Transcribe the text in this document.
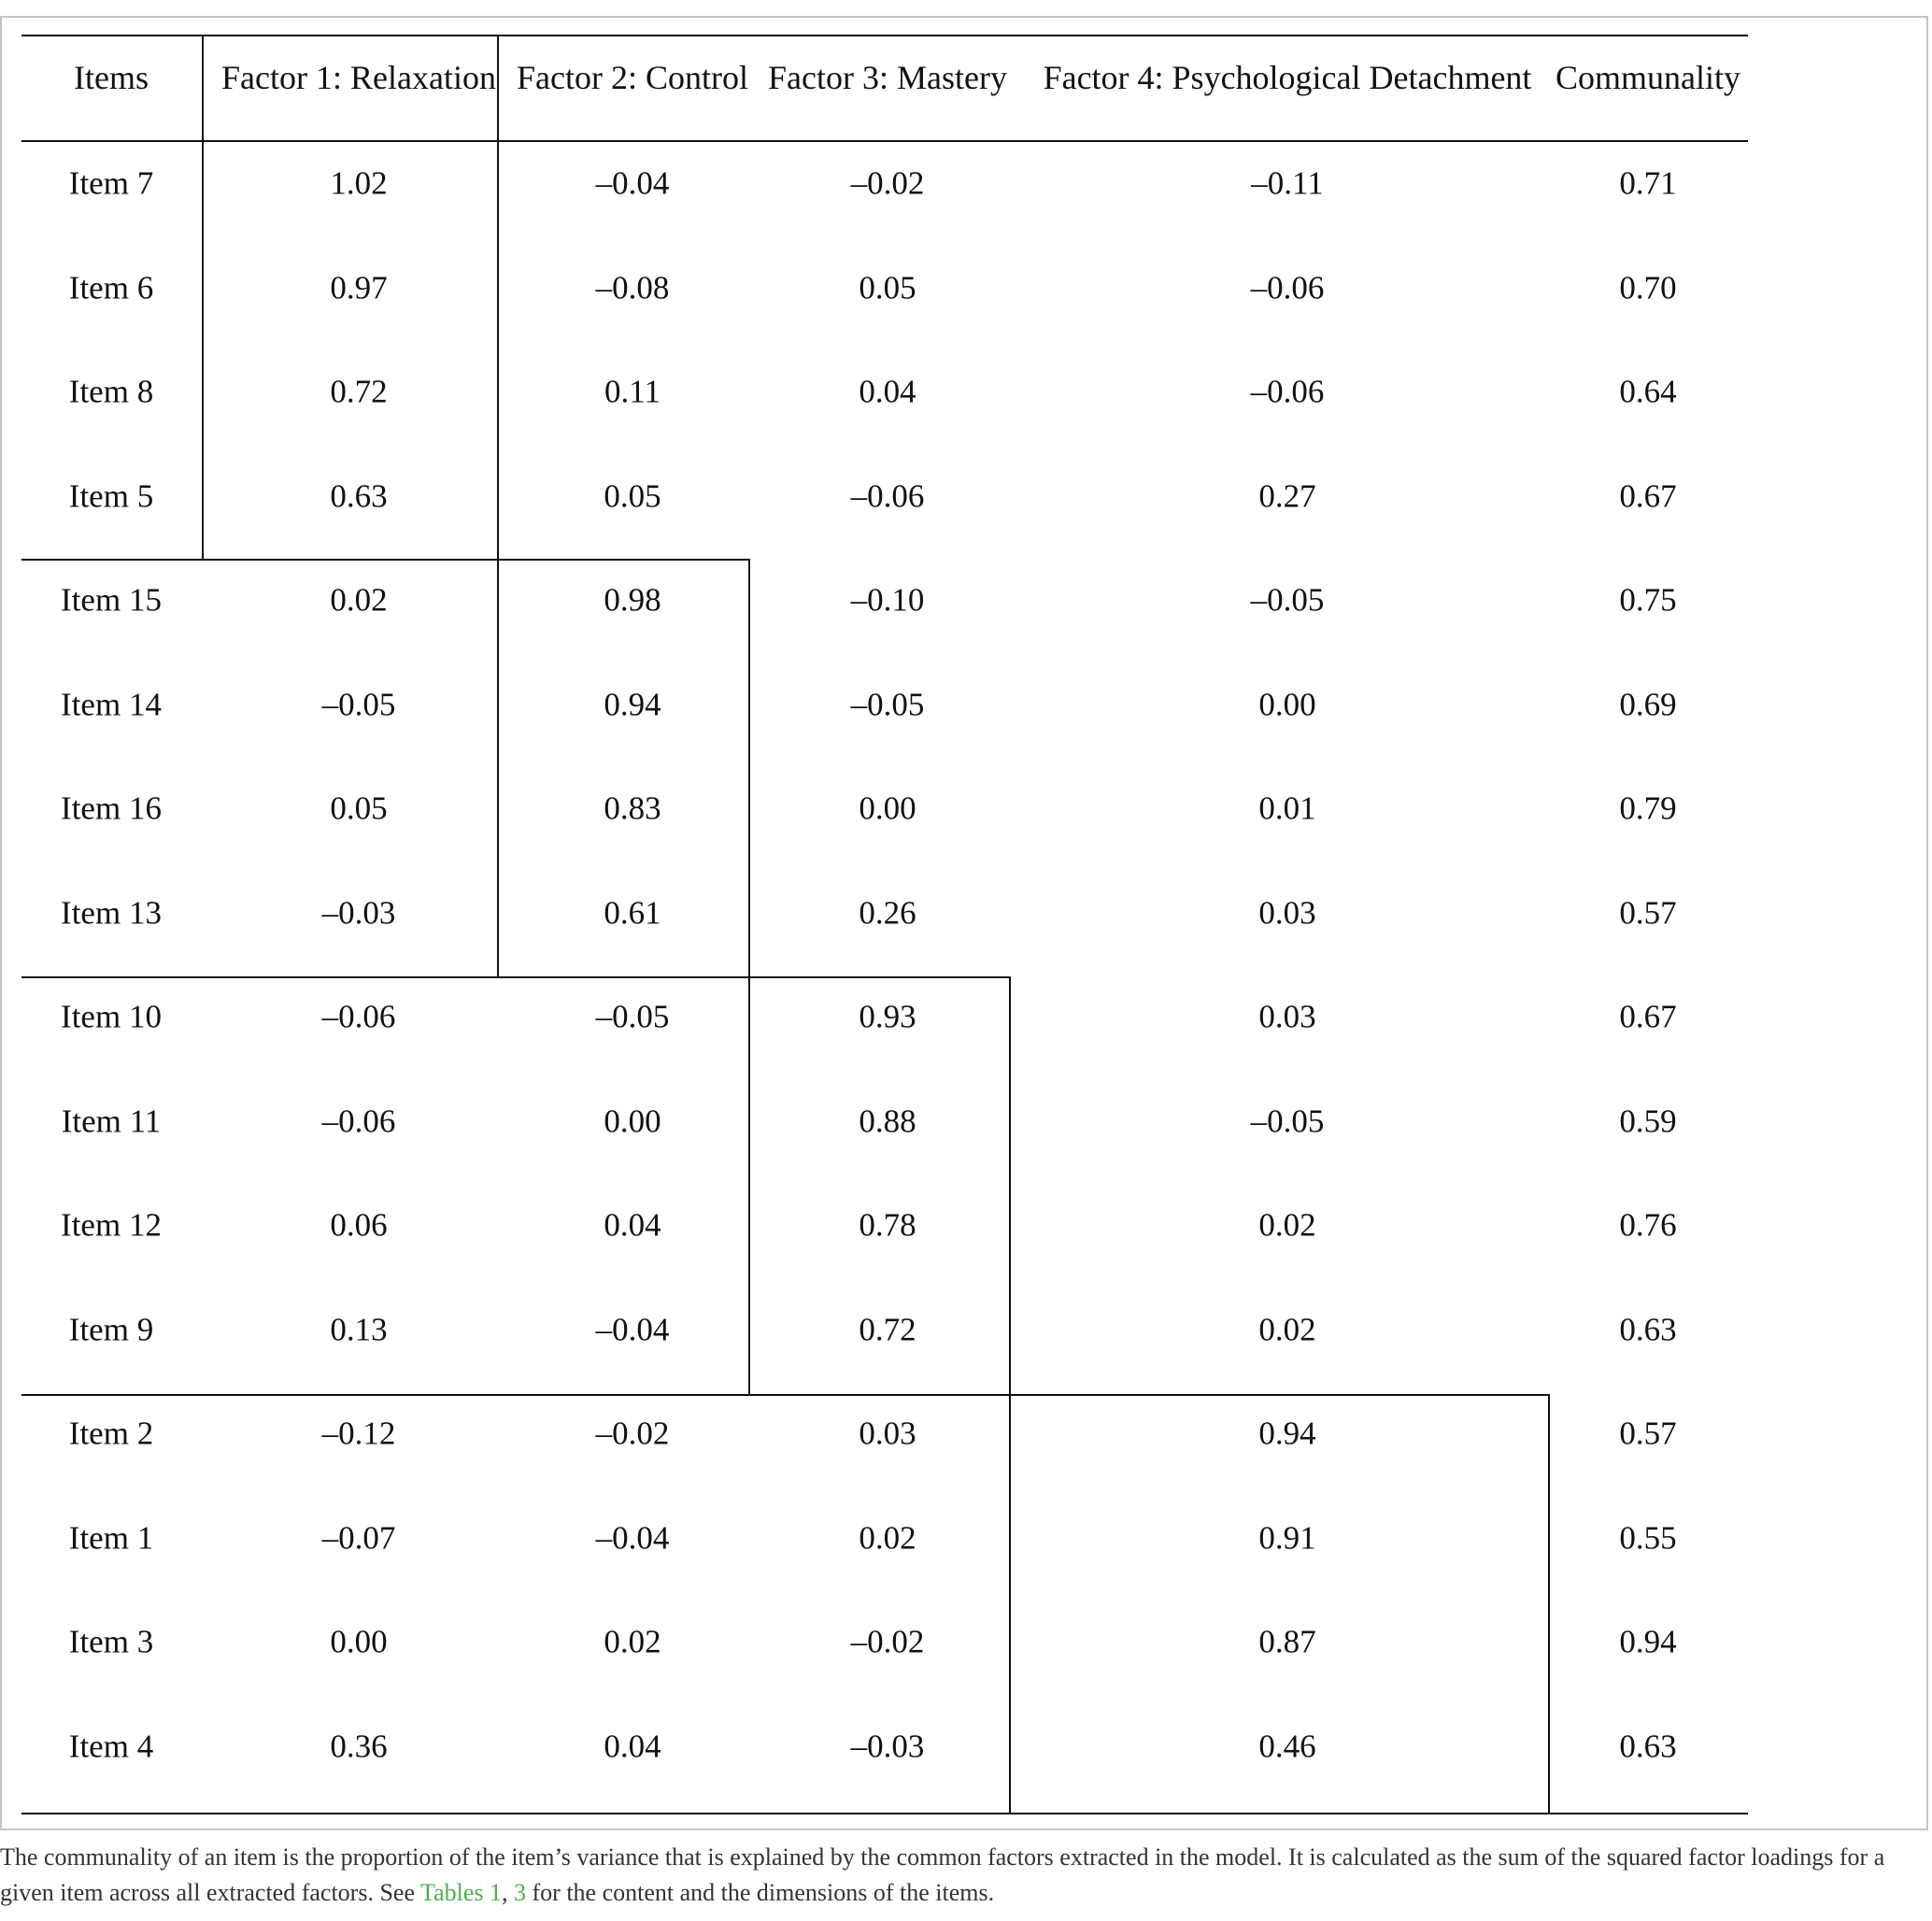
Items Factor 1: Relaxation Factor 2: Control Factor 3: Mastery Factor 4: Psychological Detachment Communality
Item 7	1.02	–0.04	–0.02	–0.11	0.71
Item 6	0.97	–0.08	0.05	–0.06	0.70
Item 8	0.72	0.11	0.04	–0.06	0.64
Item 5	0.63	0.05	–0.06	0.27	0.67
Item 15	0.02	0.98	–0.10	–0.05	0.75
Item 14	–0.05	0.94	–0.05	0.00	0.69
Item 16	0.05	0.83	0.00	0.01	0.79
Item 13	–0.03	0.61	0.26	0.03	0.57
Item 10	–0.06	–0.05	0.93	0.03	0.67
Item 11	–0.06	0.00	0.88	–0.05	0.59
Item 12	0.06	0.04	0.78	0.02	0.76
Item 9	0.13	–0.04	0.72	0.02	0.63
Item 2	–0.12	–0.02	0.03	0.94	0.57
Item 1	–0.07	–0.04	0.02	0.91	0.55
Item 3	0.00	0.02	–0.02	0.87	0.94
Item 4	0.36	0.04	–0.03	0.46	0.63
The communality of an item is the proportion of the item’s variance that is explained by the common factors extracted in the model. It is calculated as the sum of the squared factor loadings for a given item across all extracted factors. See Tables 1, 3 for the content and the dimensions of the items.
